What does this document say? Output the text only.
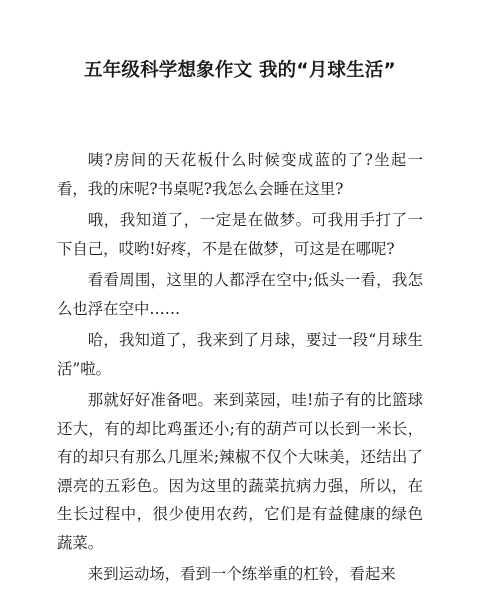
五年级科学想象作文 我的“月球生活”

咦?房间的天花板什么时候变成蓝的了?坐起一看，我的床呢?书桌呢?我怎么会睡在这里?

哦，我知道了，一定是在做梦。可我用手打了一下自己，哎哟!好疼，不是在做梦，可这是在哪呢?

看看周围，这里的人都浮在空中;低头一看，我怎么也浮在空中……

哈，我知道了，我来到了月球，要过一段“月球生活”啦。

那就好好准备吧。来到菜园，哇!茄子有的比篮球还大，有的却比鸡蛋还小;有的葫芦可以长到一米长，有的却只有那么几厘米;辣椒不仅个大味美，还结出了漂亮的五彩色。因为这里的蔬菜抗病力强，所以，在生长过程中，很少使用农药，它们是有益健康的绿色蔬菜。

来到运动场，看到一个练举重的杠铃，看起来
